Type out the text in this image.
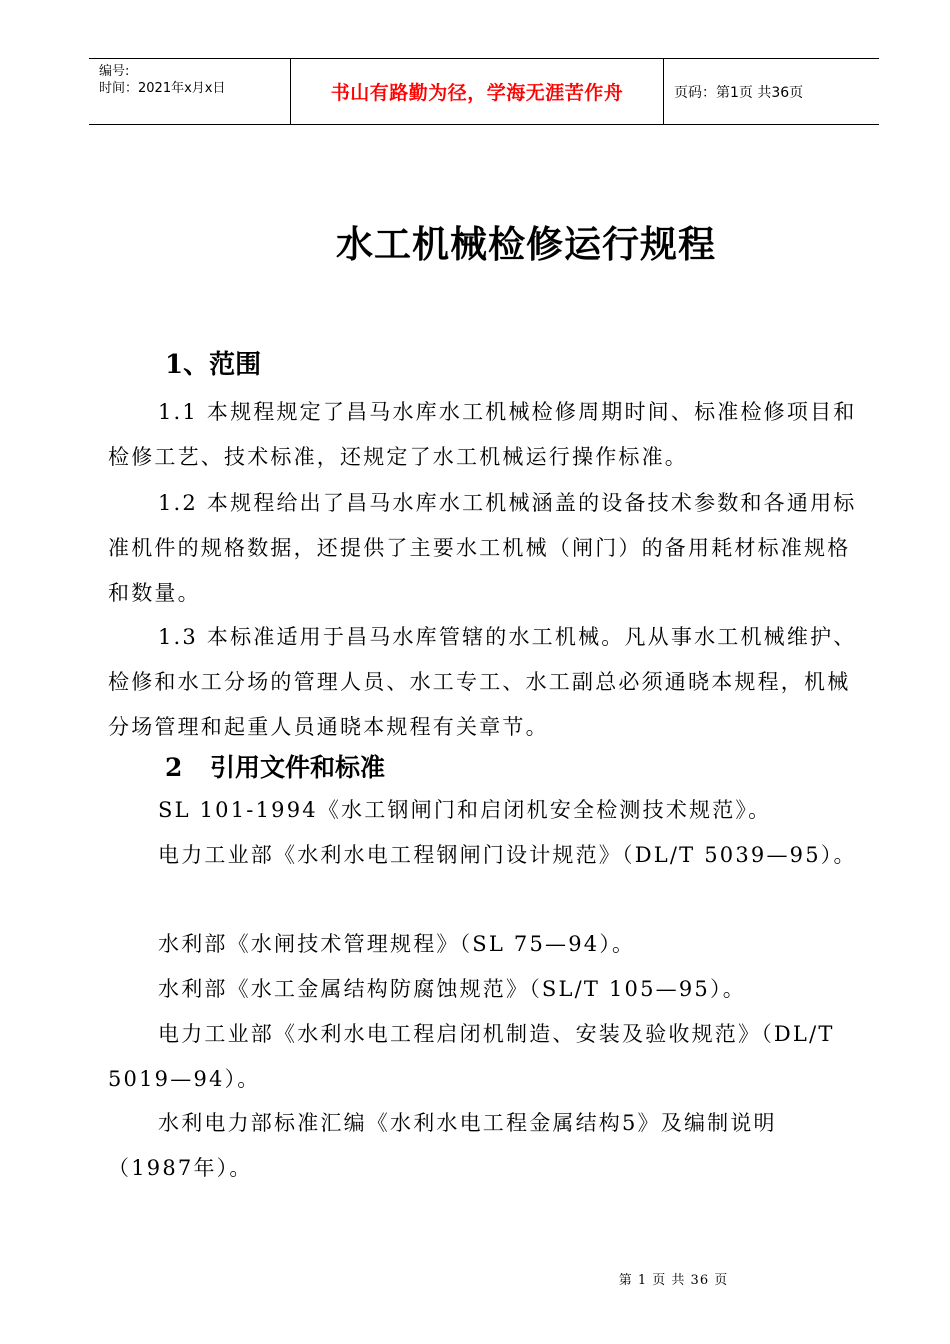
编号:
时间：2021年x月x日	书山有路勤为径，学海无涯苦作舟	页码：第1页 共36页
水工机械检修运行规程
1、范围

1.1 本规程规定了昌马水库水工机械检修周期时间、标准检修项目和检修工艺、技术标准，还规定了水工机械运行操作标准。

1.2 本规程给出了昌马水库水工机械涵盖的设备技术参数和各通用标准机件的规格数据，还提供了主要水工机械（闸门）的备用耗材标准规格和数量。

1.3 本标准适用于昌马水库管辖的水工机械。凡从事水工机械维护、检修和水工分场的管理人员、水工专工、水工副总必须通晓本规程，机械分场管理和起重人员通晓本规程有关章节。

2 引用文件和标准

SL 101-1994《水工钢闸门和启闭机安全检测技术规范》。

电力工业部《水利水电工程钢闸门设计规范》（DL/T 5039—95）。

水利部《水闸技术管理规程》（SL 75—94）。

水利部《水工金属结构防腐蚀规范》（SL/T 105—95）。

电力工业部《水利水电工程启闭机制造、安装及验收规范》（DL/T 5019—94）。

水利电力部标准汇编《水利水电工程金属结构5》及编制说明（1987年）。

第 1 页 共 36 页
